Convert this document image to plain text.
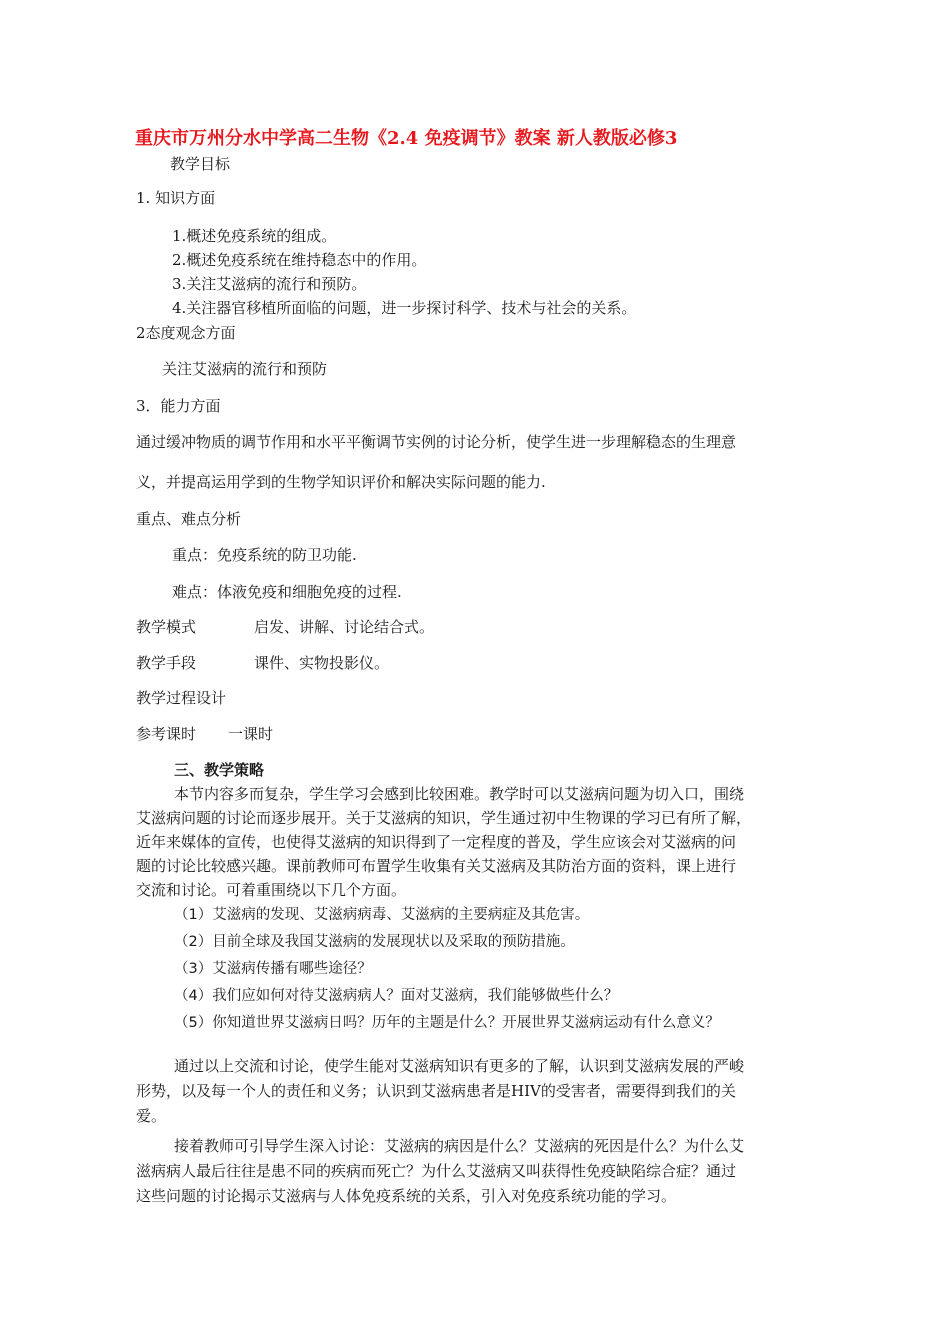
重庆市万州分水中学高二生物《2.4 免疫调节》教案 新人教版必修3
教学目标
1. 知识方面
1.概述免疫系统的组成。
2.概述免疫系统在维持稳态中的作用。
3.关注艾滋病的流行和预防。
4.关注器官移植所面临的问题，进一步探讨科学、技术与社会的关系。
2态度观念方面
关注艾滋病的流行和预防
3．能力方面
通过缓冲物质的调节作用和水平平衡调节实例的讨论分析，使学生进一步理解稳态的生理意
义，并提高运用学到的生物学知识评价和解决实际问题的能力.
重点、难点分析
重点：免疫系统的防卫功能.
难点：体液免疫和细胞免疫的过程.
教学模式	启发、讲解、讨论结合式。
教学手段	课件、实物投影仪。
教学过程设计
参考课时 一课时
三、教学策略
本节内容多而复杂，学生学习会感到比较困难。教学时可以艾滋病问题为切入口，围绕
艾滋病问题的讨论而逐步展开。关于艾滋病的知识，学生通过初中生物课的学习已有所了解，
近年来媒体的宣传，也使得艾滋病的知识得到了一定程度的普及，学生应该会对艾滋病的问
题的讨论比较感兴趣。课前教师可布置学生收集有关艾滋病及其防治方面的资料，课上进行
交流和讨论。可着重围绕以下几个方面。
（1）艾滋病的发现、艾滋病病毒、艾滋病的主要病症及其危害。
（2）目前全球及我国艾滋病的发展现状以及采取的预防措施。
（3）艾滋病传播有哪些途径？
（4）我们应如何对待艾滋病病人？面对艾滋病，我们能够做些什么？
（5）你知道世界艾滋病日吗？历年的主题是什么？开展世界艾滋病运动有什么意义？
通过以上交流和讨论，使学生能对艾滋病知识有更多的了解，认识到艾滋病发展的严峻
形势，以及每一个人的责任和义务；认识到艾滋病患者是HIV的受害者，需要得到我们的关
爱。
接着教师可引导学生深入讨论：艾滋病的病因是什么？艾滋病的死因是什么？为什么艾
滋病病人最后往往是患不同的疾病而死亡？为什么艾滋病又叫获得性免疫缺陷综合症？通过
这些问题的讨论揭示艾滋病与人体免疫系统的关系，引入对免疫系统功能的学习。
